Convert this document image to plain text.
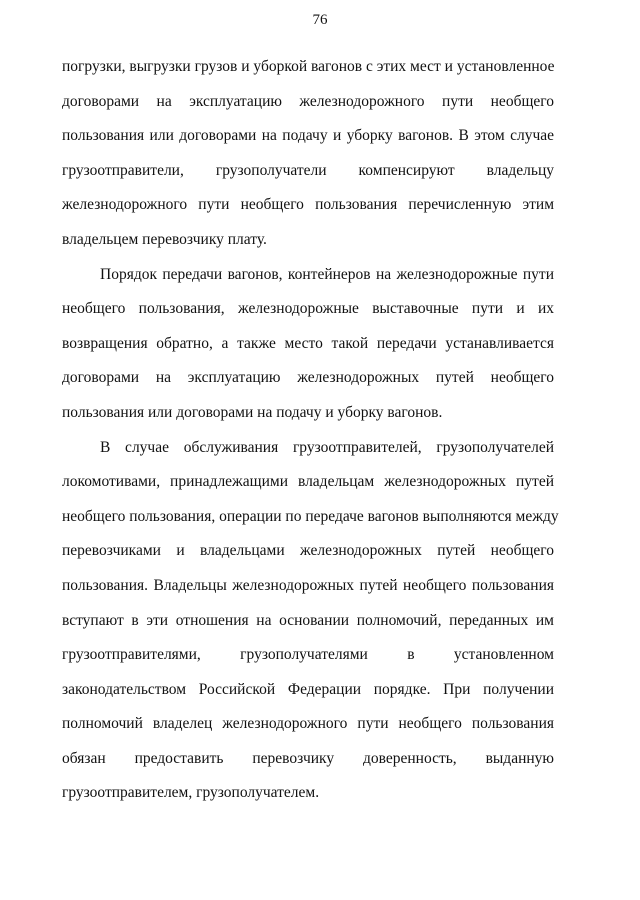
76

погрузки, выгрузки грузов и уборкой вагонов с этих мест и установленное
договорами на эксплуатацию железнодорожного пути необщего
пользования или договорами на подачу и уборку вагонов. В этом случае
грузоотправители, грузополучатели компенсируют владельцу
железнодорожного пути необщего пользования перечисленную этим
владельцем перевозчику плату.

Порядок передачи вагонов, контейнеров на железнодорожные пути
необщего пользования, железнодорожные выставочные пути и их
возвращения обратно, а также место такой передачи устанавливается
договорами на эксплуатацию железнодорожных путей необщего
пользования или договорами на подачу и уборку вагонов.

В случае обслуживания грузоотправителей, грузополучателей
локомотивами, принадлежащими владельцам железнодорожных путей
необщего пользования, операции по передаче вагонов выполняются между
перевозчиками и владельцами железнодорожных путей необщего
пользования. Владельцы железнодорожных путей необщего пользования
вступают в эти отношения на основании полномочий, переданных им
грузоотправителями, грузополучателями в установленном
законодательством Российской Федерации порядке. При получении
полномочий владелец железнодорожного пути необщего пользования
обязан предоставить перевозчику доверенность, выданную
грузоотправителем, грузополучателем.
